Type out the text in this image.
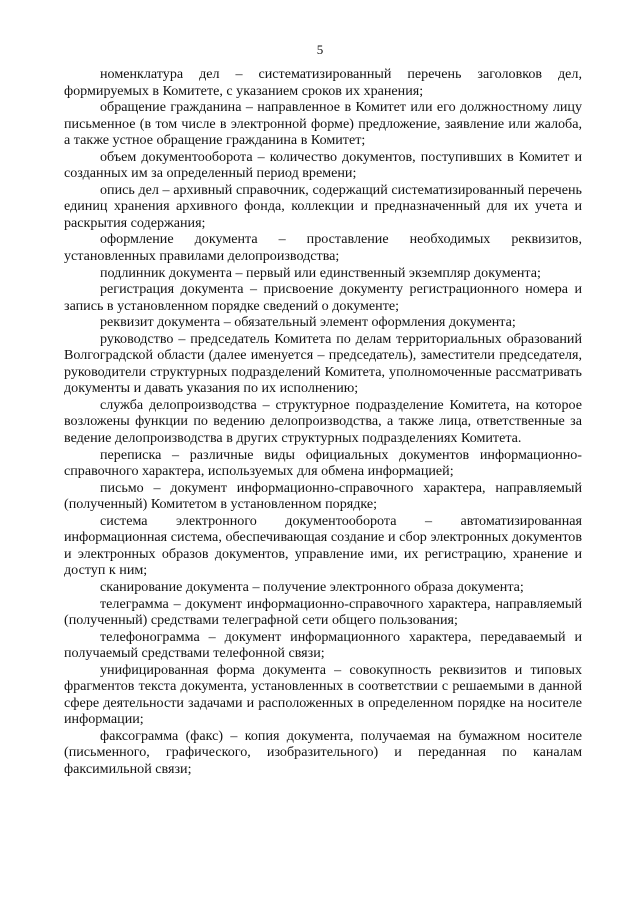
5

номенклатура дел – систематизированный перечень заголовков дел, формируемых в Комитете, с указанием сроков их хранения;

обращение гражданина – направленное в Комитет или его должностному лицу письменное (в том числе в электронной форме) предложение, заявление или жалоба, а также устное обращение гражданина в Комитет;

объем документооборота – количество документов, поступивших в Комитет и созданных им за определенный период времени;

опись дел – архивный справочник, содержащий систематизированный перечень единиц хранения архивного фонда, коллекции и предназначенный для их учета и раскрытия содержания;

оформление документа – проставление необходимых реквизитов, установленных правилами делопроизводства;

подлинник документа – первый или единственный экземпляр документа;

регистрация документа – присвоение документу регистрационного номера и запись в установленном порядке сведений о документе;

реквизит документа – обязательный элемент оформления документа;

руководство – председатель Комитета по делам территориальных образований Волгоградской области (далее именуется – председатель), заместители председателя, руководители структурных подразделений Комитета, уполномоченные рассматривать документы и давать указания по их исполнению;

служба делопроизводства – структурное подразделение Комитета, на которое возложены функции по ведению делопроизводства, а также лица, ответственные за ведение делопроизводства в других структурных подразделениях Комитета.

переписка – различные виды официальных документов информационно-справочного характера, используемых для обмена информацией;

письмо – документ информационно-справочного характера, направляемый (полученный) Комитетом в установленном порядке;

система электронного документооборота – автоматизированная информационная система, обеспечивающая создание и сбор электронных документов и электронных образов документов, управление ими, их регистрацию, хранение и доступ к ним;

сканирование документа – получение электронного образа документа;

телеграмма – документ информационно-справочного характера, направляемый (полученный) средствами телеграфной сети общего пользования;

телефонограмма – документ информационного характера, передаваемый и получаемый средствами телефонной связи;

унифицированная форма документа – совокупность реквизитов и типовых фрагментов текста документа, установленных в соответствии с решаемыми в данной сфере деятельности задачами и расположенных в определенном порядке на носителе информации;

факсограмма (факс) – копия документа, получаемая на бумажном носителе (письменного, графического, изобразительного) и переданная по каналам факсимильной связи;
